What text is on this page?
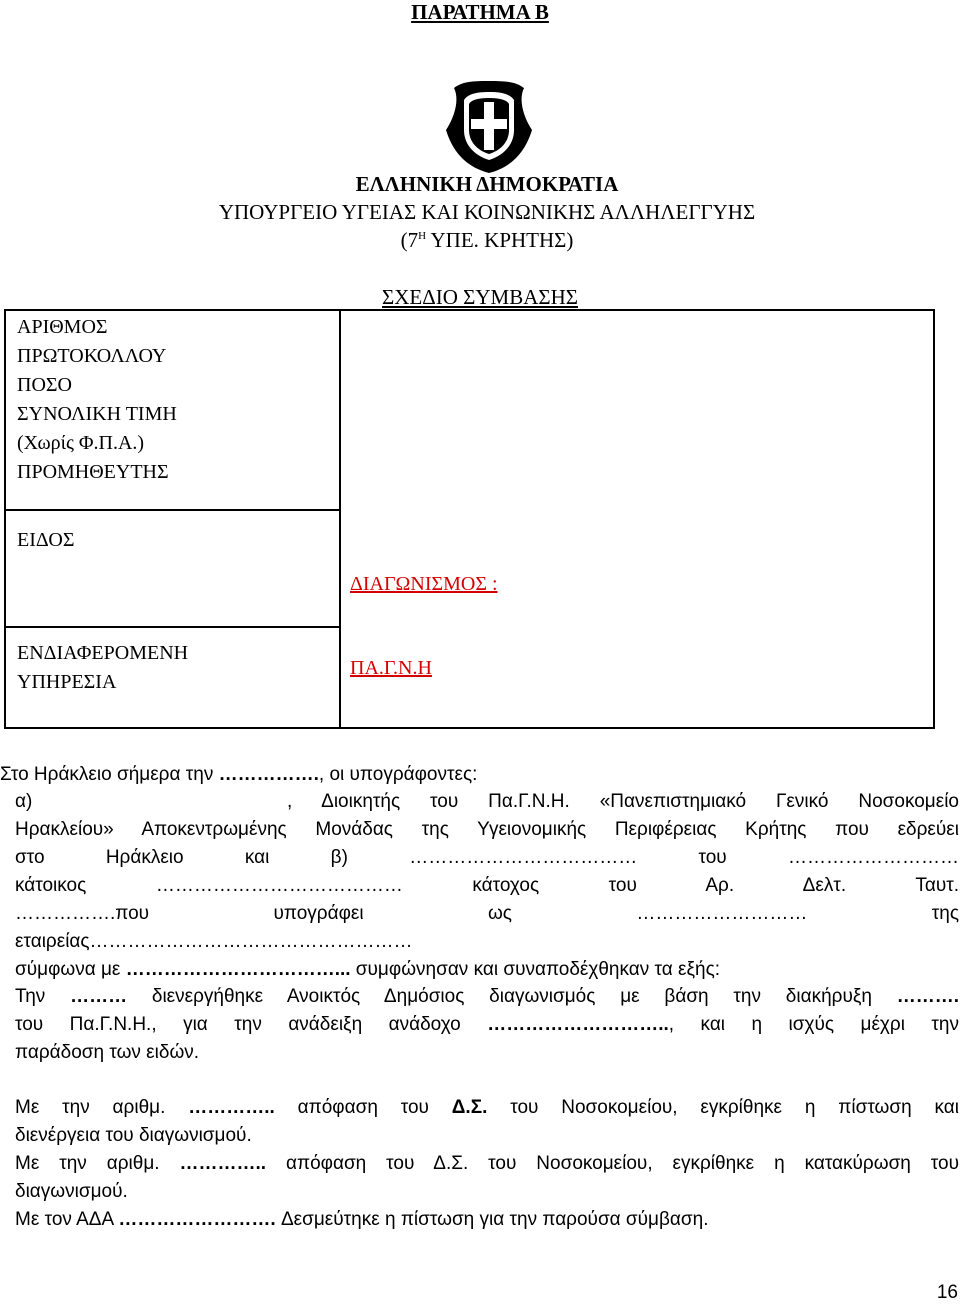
ΠΑΡΑΤΗΜΑ Β
ΕΛΛΗΝΙΚΗ ΔΗΜΟΚΡΑΤΙΑ
ΥΠΟΥΡΓΕΙΟ ΥΓΕΙΑΣ ΚΑΙ ΚΟΙΝΩΝΙΚΗΣ ΑΛΛΗΛΕΓΓΥΗΣ
($7^H$ ΥΠΕ. ΚΡΗΤΗΣ)
ΣΧΕΔΙΟ ΣΥΜΒΑΣΗΣ
ΑΡΙΘΜΟΣ
ΠΡΩΤΟΚΟΛΛΟΥ
ΠΟΣΟ
ΣΥΝΟΛΙΚΗ ΤΙΜΗ
(Χωρίς Φ.Π.Α.)
ΠΡΟΜΗΘΕΥΤΗΣ
ΕΙΔΟΣ
ΕΝΔΙΑΦΕΡΟΜΕΝΗ
ΥΠΗΡΕΣΙΑ
ΔΙΑΓΩΝΙΣΜΟΣ :
ΠΑ.Γ.Ν.Η
Στο Ηράκλειο σήμερα την ……………., οι υπογράφοντες:
α)	, Διοικητής του Πα.Γ.Ν.Η. «Πανεπιστημιακό Γενικό Νοσοκομείο
Ηρακλείου» Αποκεντρωμένης Μονάδας της Υγειονομικής Περιφέρειας Κρήτης που εδρεύει
στο Ηράκλειο και β) ……………………………… του ………………………
κάτοικος ………………………………… κάτοχος του Αρ. Δελτ. Ταυτ.
…………….που υπογράφει ως ……………………… της
εταιρείας……………………………………………
σύμφωνα με ……………………………... συμφώνησαν και συναποδέχθηκαν τα εξής:
Την ……… διενεργήθηκε Ανοικτός Δημόσιος διαγωνισμός με βάση την διακήρυξη ……….
του Πα.Γ.Ν.Η., για την ανάδειξη ανάδοχο ……………………….., και η ισχύς μέχρι την
παράδοση των ειδών.
Με την αριθμ. ………….. απόφαση του Δ.Σ. του Νοσοκομείου, εγκρίθηκε η πίστωση και
διενέργεια του διαγωνισμού.
Με την αριθμ. ………….. απόφαση του Δ.Σ. του Νοσοκομείου, εγκρίθηκε η κατακύρωση του
διαγωνισμού.
Με τον ΑΔΑ ……………………. Δεσμεύτηκε η πίστωση για την παρούσα σύμβαση.
16
